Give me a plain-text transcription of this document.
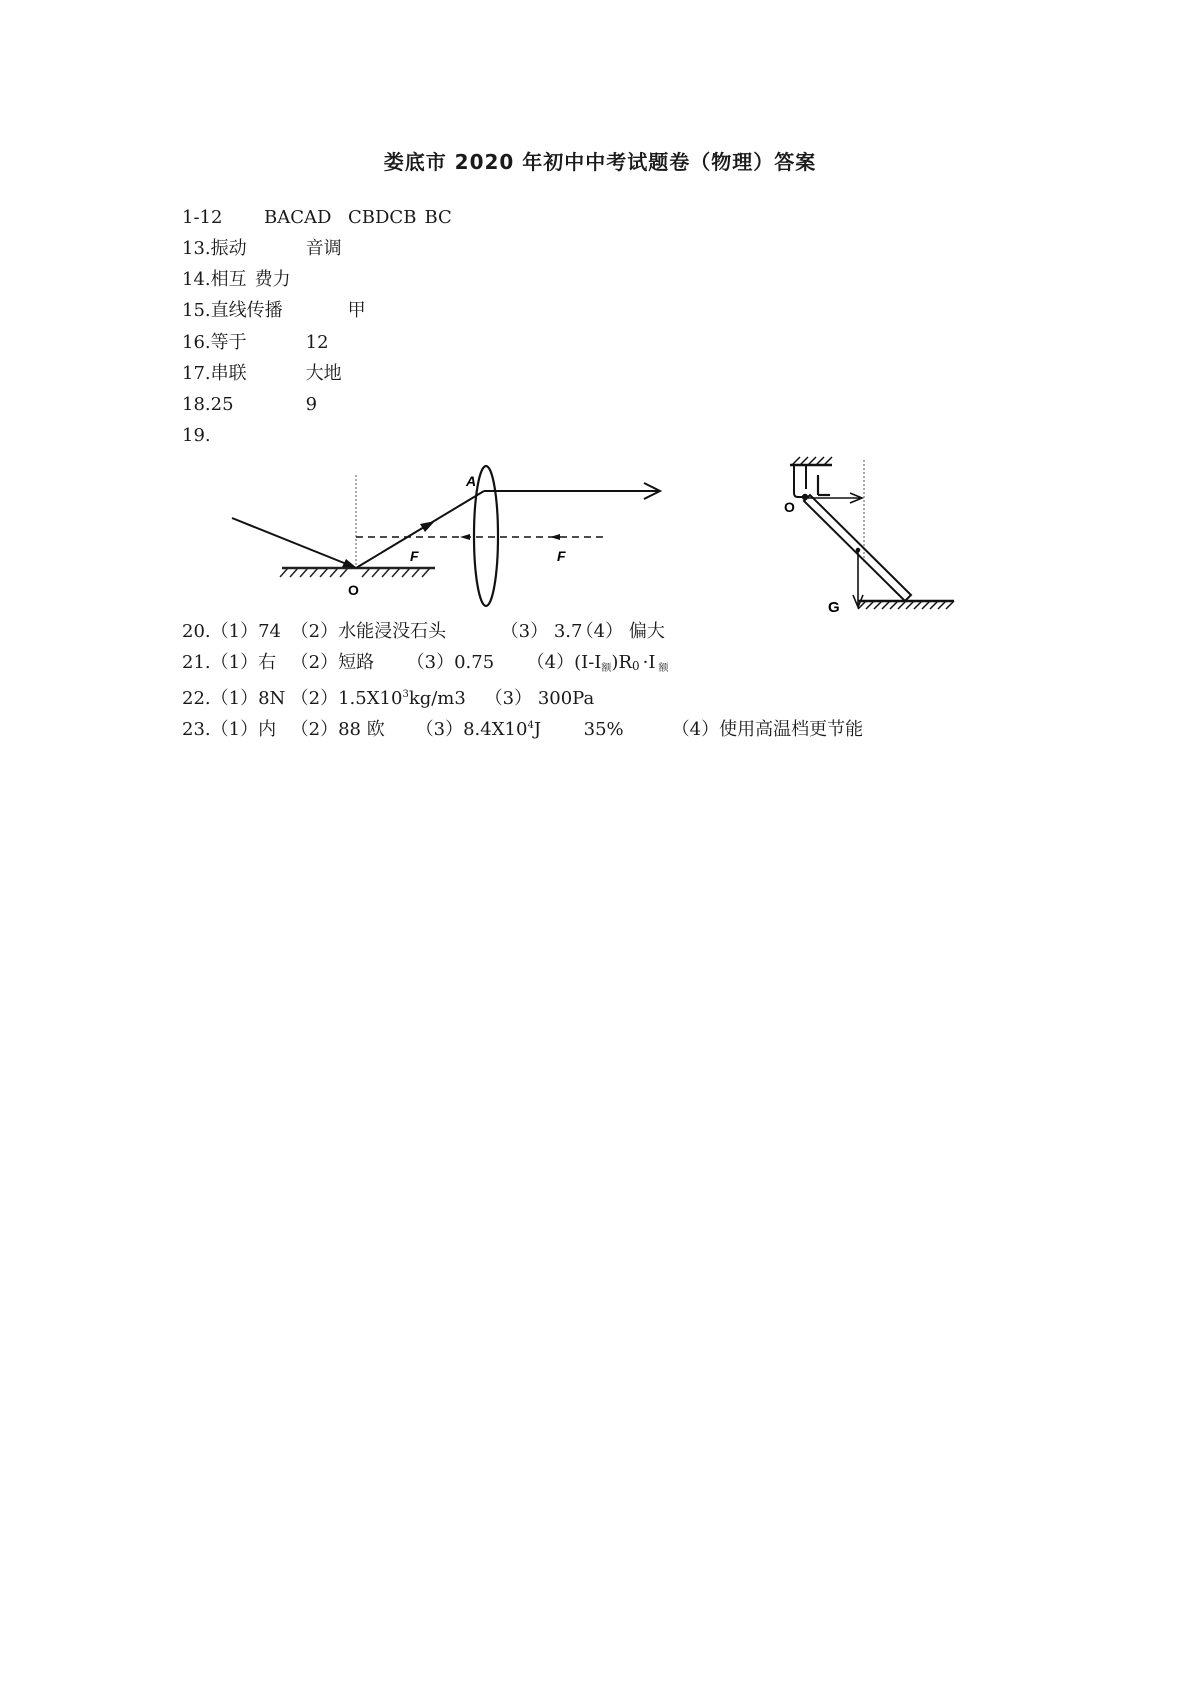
娄底市 2020 年初中中考试题卷（物理）答案
1-12 BACAD CBDCB BC
13.振动	音调
14.相互 费力
15.直线传播	甲
16.等于	12
17.串联	大地
18.25	9
19.
A
O
F	F
O
L
G
20.（1）74 （2）水能浸没石头	（3） 3.7（4） 偏大
21.（1）右 （2）短路 （3）0.75 $(4)(I-I_额)R0 \cdot I$ $_额$
22.（1）8N $(2)1.5X10^3kg/m3$ （3） 300Pa
23.（1）内 （2）88 欧 $(3)8.4X10^4J$ 35%	（4）使用高温档更节能
